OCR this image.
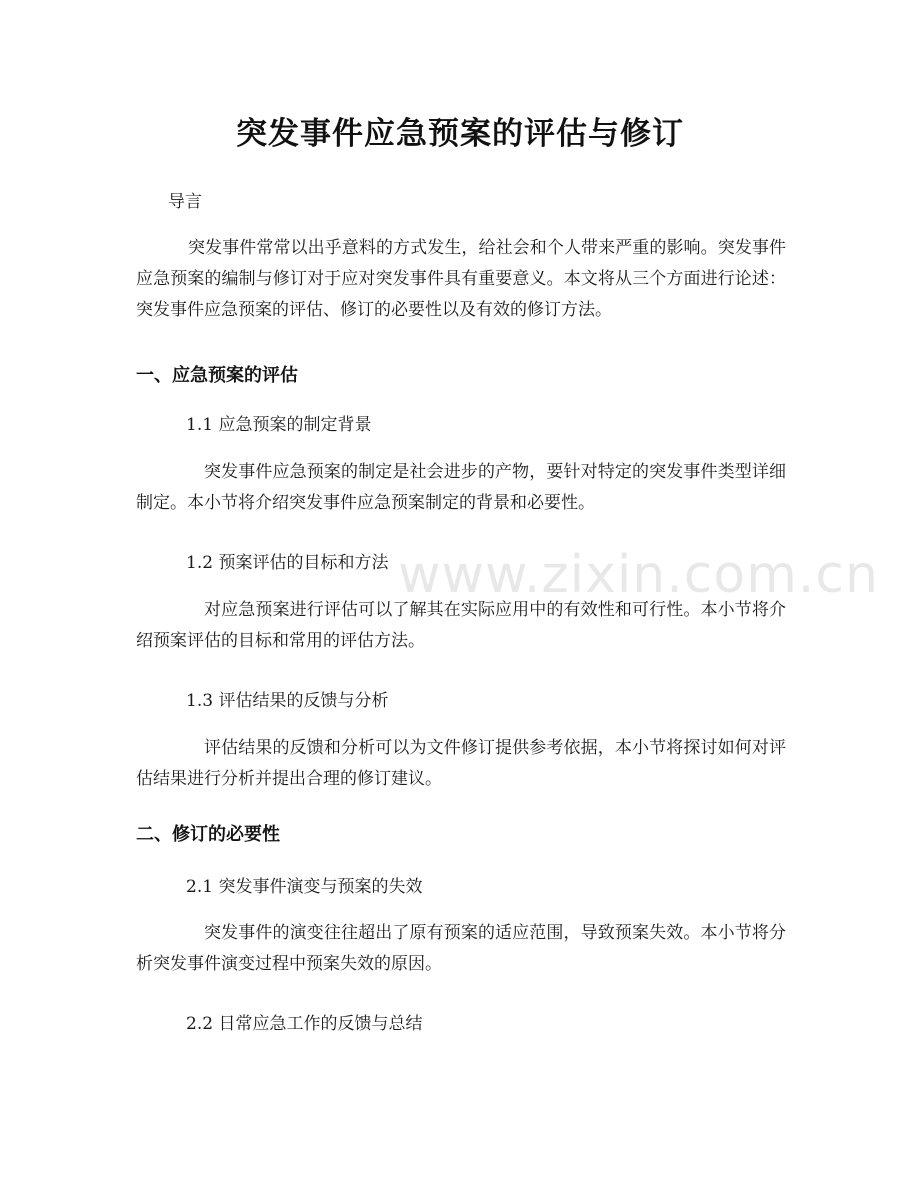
突发事件应急预案的评估与修订
导言
突发事件常常以出乎意料的方式发生，给社会和个人带来严重的影响。突发事件应急预案的编制与修订对于应对突发事件具有重要意义。本文将从三个方面进行论述：突发事件应急预案的评估、修订的必要性以及有效的修订方法。
一、应急预案的评估
1.1 应急预案的制定背景
突发事件应急预案的制定是社会进步的产物，要针对特定的突发事件类型详细制定。本小节将介绍突发事件应急预案制定的背景和必要性。
1.2 预案评估的目标和方法
对应急预案进行评估可以了解其在实际应用中的有效性和可行性。本小节将介绍预案评估的目标和常用的评估方法。
1.3 评估结果的反馈与分析
评估结果的反馈和分析可以为文件修订提供参考依据，本小节将探讨如何对评估结果进行分析并提出合理的修订建议。
二、修订的必要性
2.1 突发事件演变与预案的失效
突发事件的演变往往超出了原有预案的适应范围，导致预案失效。本小节将分析突发事件演变过程中预案失效的原因。
2.2 日常应急工作的反馈与总结
www.zixin.com.cn
